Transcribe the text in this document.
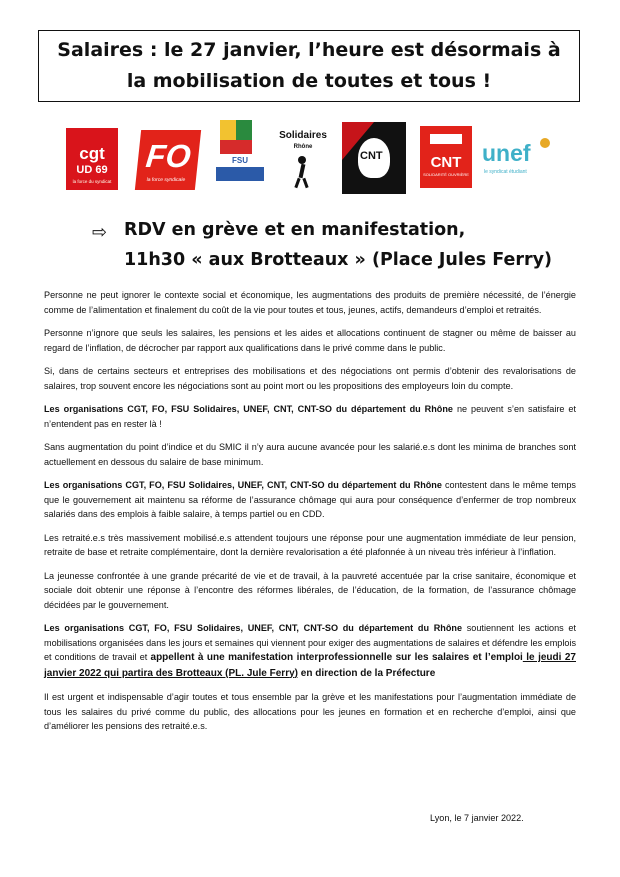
Salaires : le 27 janvier, l’heure est désormais à
la mobilisation de toutes et tous !
cgt
UD 69
la force du syndicat
FO
la force syndicale
FSU
Solidaires
Rhône
CNT	CNT
SOLIDARITÉ OUVRIÈRE
unef
le syndicat étudiant
⇨ RDV en grève et en manifestation,
11h30 « aux Brotteaux » (Place Jules Ferry)

Personne ne peut ignorer le contexte social et économique, les augmentations des produits de première nécessité, de l’énergie comme de l’alimentation et finalement du coût de la vie pour toutes et tous, jeunes, actifs, demandeurs d’emploi et retraités.

Personne n’ignore que seuls les salaires, les pensions et les aides et allocations continuent de stagner ou même de baisser au regard de l’inflation, de décrocher par rapport aux qualifications dans le privé comme dans le public.

Si, dans de certains secteurs et entreprises des mobilisations et des négociations ont permis d’obtenir des revalorisations de salaires, trop souvent encore les négociations sont au point mort ou les propositions des employeurs loin du compte.

Les organisations CGT, FO, FSU Solidaires, UNEF, CNT, CNT-SO du département du Rhône ne peuvent s’en satisfaire et n’entendent pas en rester là !

Sans augmentation du point d’indice et du SMIC il n’y aura aucune avancée pour les salarié.e.s dont les minima de branches sont actuellement en dessous du salaire de base minimum.

Les organisations CGT, FO, FSU Solidaires, UNEF, CNT, CNT-SO du département du Rhône contestent dans le même temps que le gouvernement ait maintenu sa réforme de l’assurance chômage qui aura pour conséquence d’enfermer de trop nombreux salariés dans des emplois à faible salaire, à temps partiel ou en CDD.

Les retraité.e.s très massivement mobilisé.e.s attendent toujours une réponse pour une augmentation immédiate de leur pension, retraite de base et retraite complémentaire, dont la dernière revalorisation a été plafonnée à un niveau très inférieur à l’inflation.

La jeunesse confrontée à une grande précarité de vie et de travail, à la pauvreté accentuée par la crise sanitaire, économique et sociale doit obtenir une réponse à l’encontre des réformes libérales, de l’éducation, de la formation, de l’assurance chômage décidées par le gouvernement.

Les organisations CGT, FO, FSU Solidaires, UNEF, CNT, CNT-SO du département du Rhône soutiennent les actions et mobilisations organisées dans les jours et semaines qui viennent pour exiger des augmentations de salaires et défendre les emplois et conditions de travail et appellent à une manifestation interprofessionnelle sur les salaires et l’emploi le jeudi 27 janvier 2022 qui partira des Brotteaux (PL. Jule Ferry) en direction de la Préfecture

Il est urgent et indispensable d’agir toutes et tous ensemble par la grève et les manifestations pour l’augmentation immédiate de tous les salaires du privé comme du public, des allocations pour les jeunes en formation et en recherche d’emploi, ainsi que d’améliorer les pensions des retraité.e.s.

Lyon, le 7 janvier 2022.
